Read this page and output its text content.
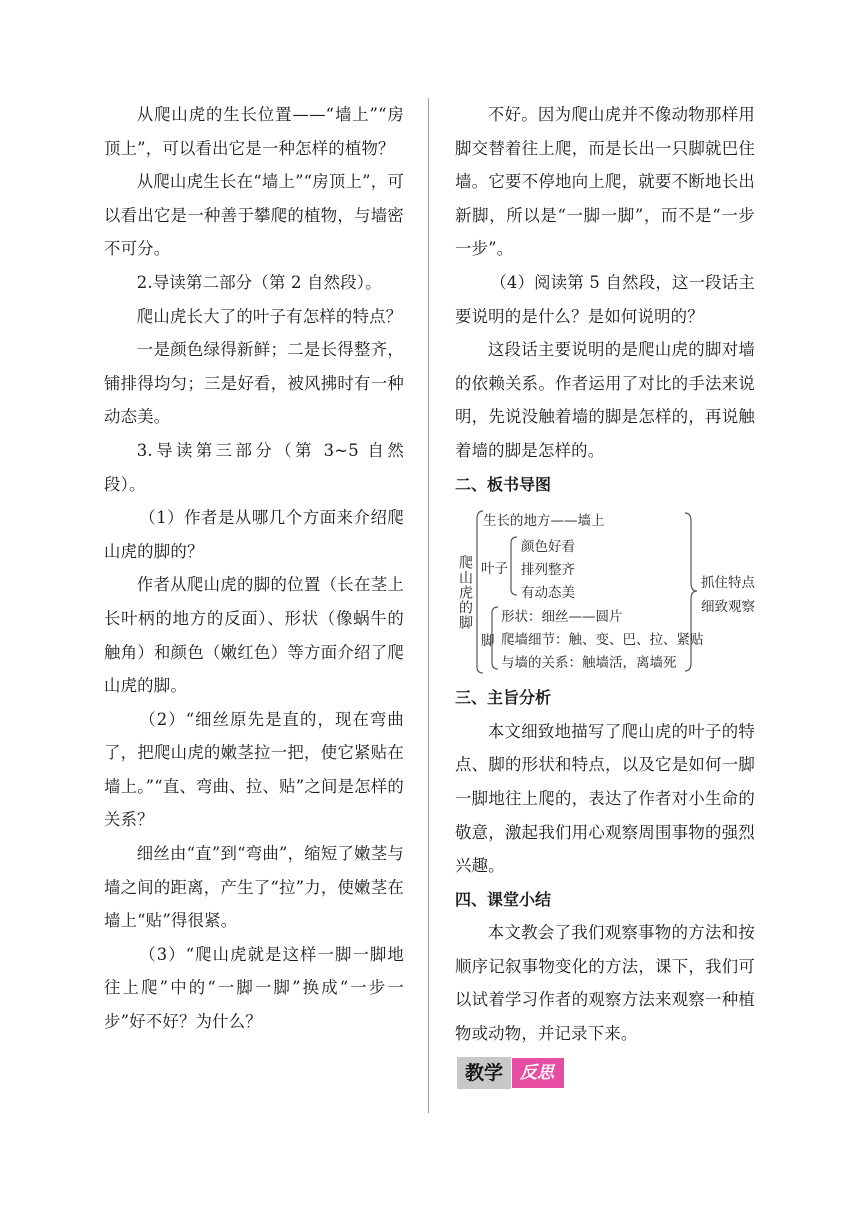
从爬山虎的生长位置——“墙上”“房顶上”，可以看出它是一种怎样的植物？

从爬山虎生长在“墙上”“房顶上”，可以看出它是一种善于攀爬的植物，与墙密不可分。

2.导读第二部分（第 2 自然段）。

爬山虎长大了的叶子有怎样的特点？

一是颜色绿得新鲜；二是长得整齐，铺排得均匀；三是好看，被风拂时有一种动态美。

3.导读第三部分（第 3~5 自然段）。

（1）作者是从哪几个方面来介绍爬山虎的脚的？

作者从爬山虎的脚的位置（长在茎上长叶柄的地方的反面）、形状（像蜗牛的触角）和颜色（嫩红色）等方面介绍了爬山虎的脚。

（2）“细丝原先是直的，现在弯曲了，把爬山虎的嫩茎拉一把，使它紧贴在墙上。”“直、弯曲、拉、贴”之间是怎样的关系？

细丝由“直”到“弯曲”，缩短了嫩茎与墙之间的距离，产生了“拉”力，使嫩茎在墙上“贴”得很紧。

（3）“爬山虎就是这样一脚一脚地往上爬”中的“一脚一脚”换成“一步一步”好不好？为什么？

不好。因为爬山虎并不像动物那样用脚交替着往上爬，而是长出一只脚就巴住墙。它要不停地向上爬，就要不断地长出新脚，所以是“一脚一脚”，而不是“一步一步”。

（4）阅读第 5 自然段，这一段话主要说明的是什么？是如何说明的？

这段话主要说明的是爬山虎的脚对墙的依赖关系。作者运用了对比的手法来说明，先说没触着墙的脚是怎样的，再说触着墙的脚是怎样的。

二、板书导图

爬山虎的脚
生长的地方——墙上
叶子
颜色好看
排列整齐
有动态美
脚
形状：细丝——圆片
爬墙细节：触、变、巴、拉、紧贴
与墙的关系：触墙活，离墙死
抓住特点
细致观察

三、主旨分析

本文细致地描写了爬山虎的叶子的特点、脚的形状和特点，以及它是如何一脚一脚地往上爬的，表达了作者对小生命的敬意，激起我们用心观察周围事物的强烈兴趣。

四、课堂小结

本文教会了我们观察事物的方法和按顺序记叙事物变化的方法，课下，我们可以试着学习作者的观察方法来观察一种植物或动物，并记录下来。

教学	反思
